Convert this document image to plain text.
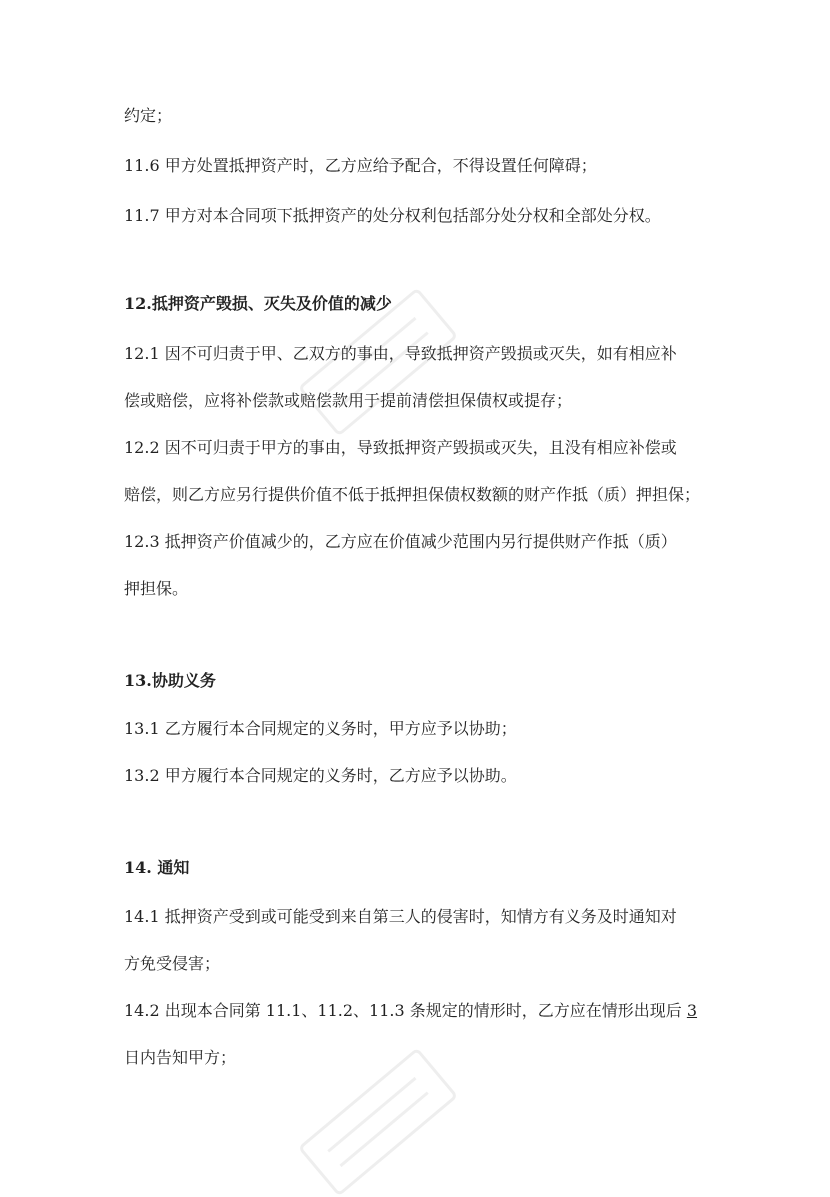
约定；
11.6 甲方处置抵押资产时，乙方应给予配合，不得设置任何障碍；
11.7 甲方对本合同项下抵押资产的处分权利包括部分处分权和全部处分权。
12.抵押资产毁损、灭失及价值的减少
12.1 因不可归责于甲、乙双方的事由，导致抵押资产毁损或灭失，如有相应补
偿或赔偿，应将补偿款或赔偿款用于提前清偿担保债权或提存；
12.2 因不可归责于甲方的事由，导致抵押资产毁损或灭失，且没有相应补偿或
赔偿，则乙方应另行提供价值不低于抵押担保债权数额的财产作抵（质）押担保；
12.3 抵押资产价值减少的，乙方应在价值减少范围内另行提供财产作抵（质）
押担保。
13.协助义务
13.1 乙方履行本合同规定的义务时，甲方应予以协助；
13.2 甲方履行本合同规定的义务时，乙方应予以协助。
14. 通知
14.1 抵押资产受到或可能受到来自第三人的侵害时，知情方有义务及时通知对
方免受侵害；
14.2 出现本合同第 11.1、11.2、11.3 条规定的情形时，乙方应在情形出现后 3
日内告知甲方；
